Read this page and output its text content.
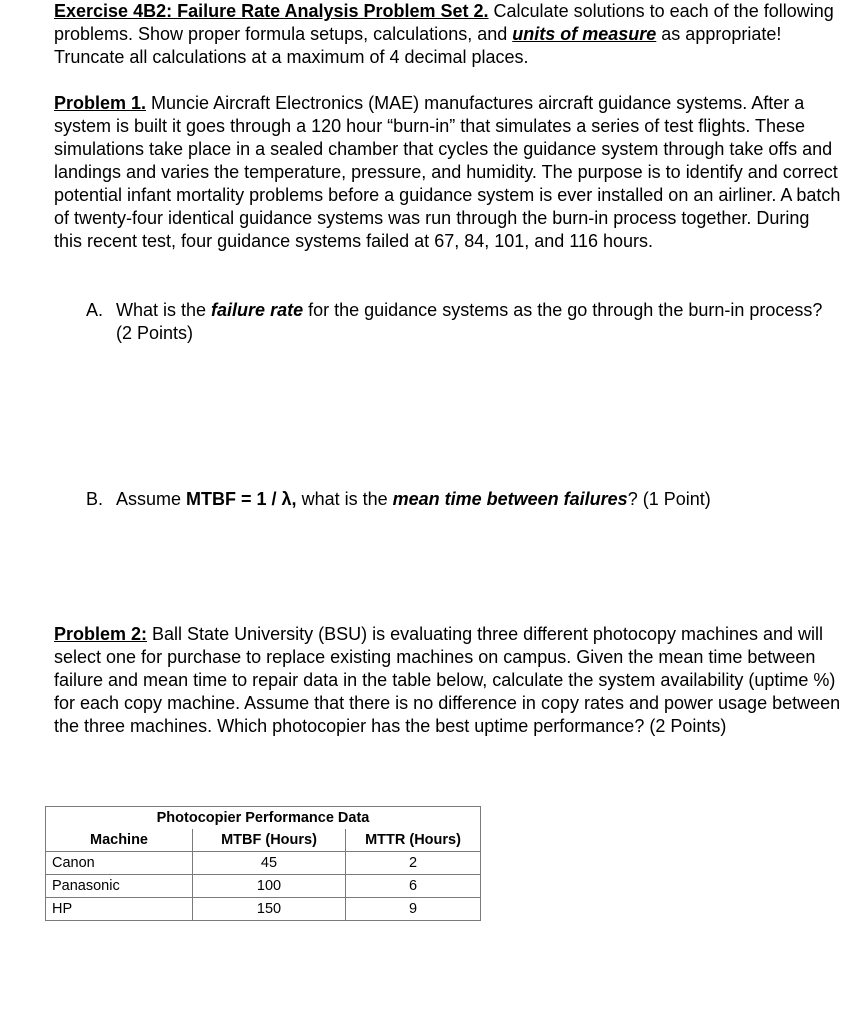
Exercise 4B2: Failure Rate Analysis Problem Set 2. Calculate solutions to each of the following problems. Show proper formula setups, calculations, and units of measure as appropriate! Truncate all calculations at a maximum of 4 decimal places.

Problem 1. Muncie Aircraft Electronics (MAE) manufactures aircraft guidance systems. After a system is built it goes through a 120 hour “burn-in” that simulates a series of test flights. These simulations take place in a sealed chamber that cycles the guidance system through take offs and landings and varies the temperature, pressure, and humidity. The purpose is to identify and correct potential infant mortality problems before a guidance system is ever installed on an airliner. A batch of twenty-four identical guidance systems was run through the burn-in process together. During this recent test, four guidance systems failed at 67, 84, 101, and 116 hours.

A. What is the failure rate for the guidance systems as the go through the burn-in process? (2 Points)
B. Assume MTBF = 1 / λ, what is the mean time between failures? (1 Point)

Problem 2: Ball State University (BSU) is evaluating three different photocopy machines and will select one for purchase to replace existing machines on campus. Given the mean time between failure and mean time to repair data in the table below, calculate the system availability (uptime %) for each copy machine. Assume that there is no difference in copy rates and power usage between the three machines. Which photocopier has the best uptime performance? (2 Points)

Photocopier Performance Data		
Machine	MTBF (Hours)	MTTR (Hours)
Canon	45	2
Panasonic	100	6
HP	150	9
